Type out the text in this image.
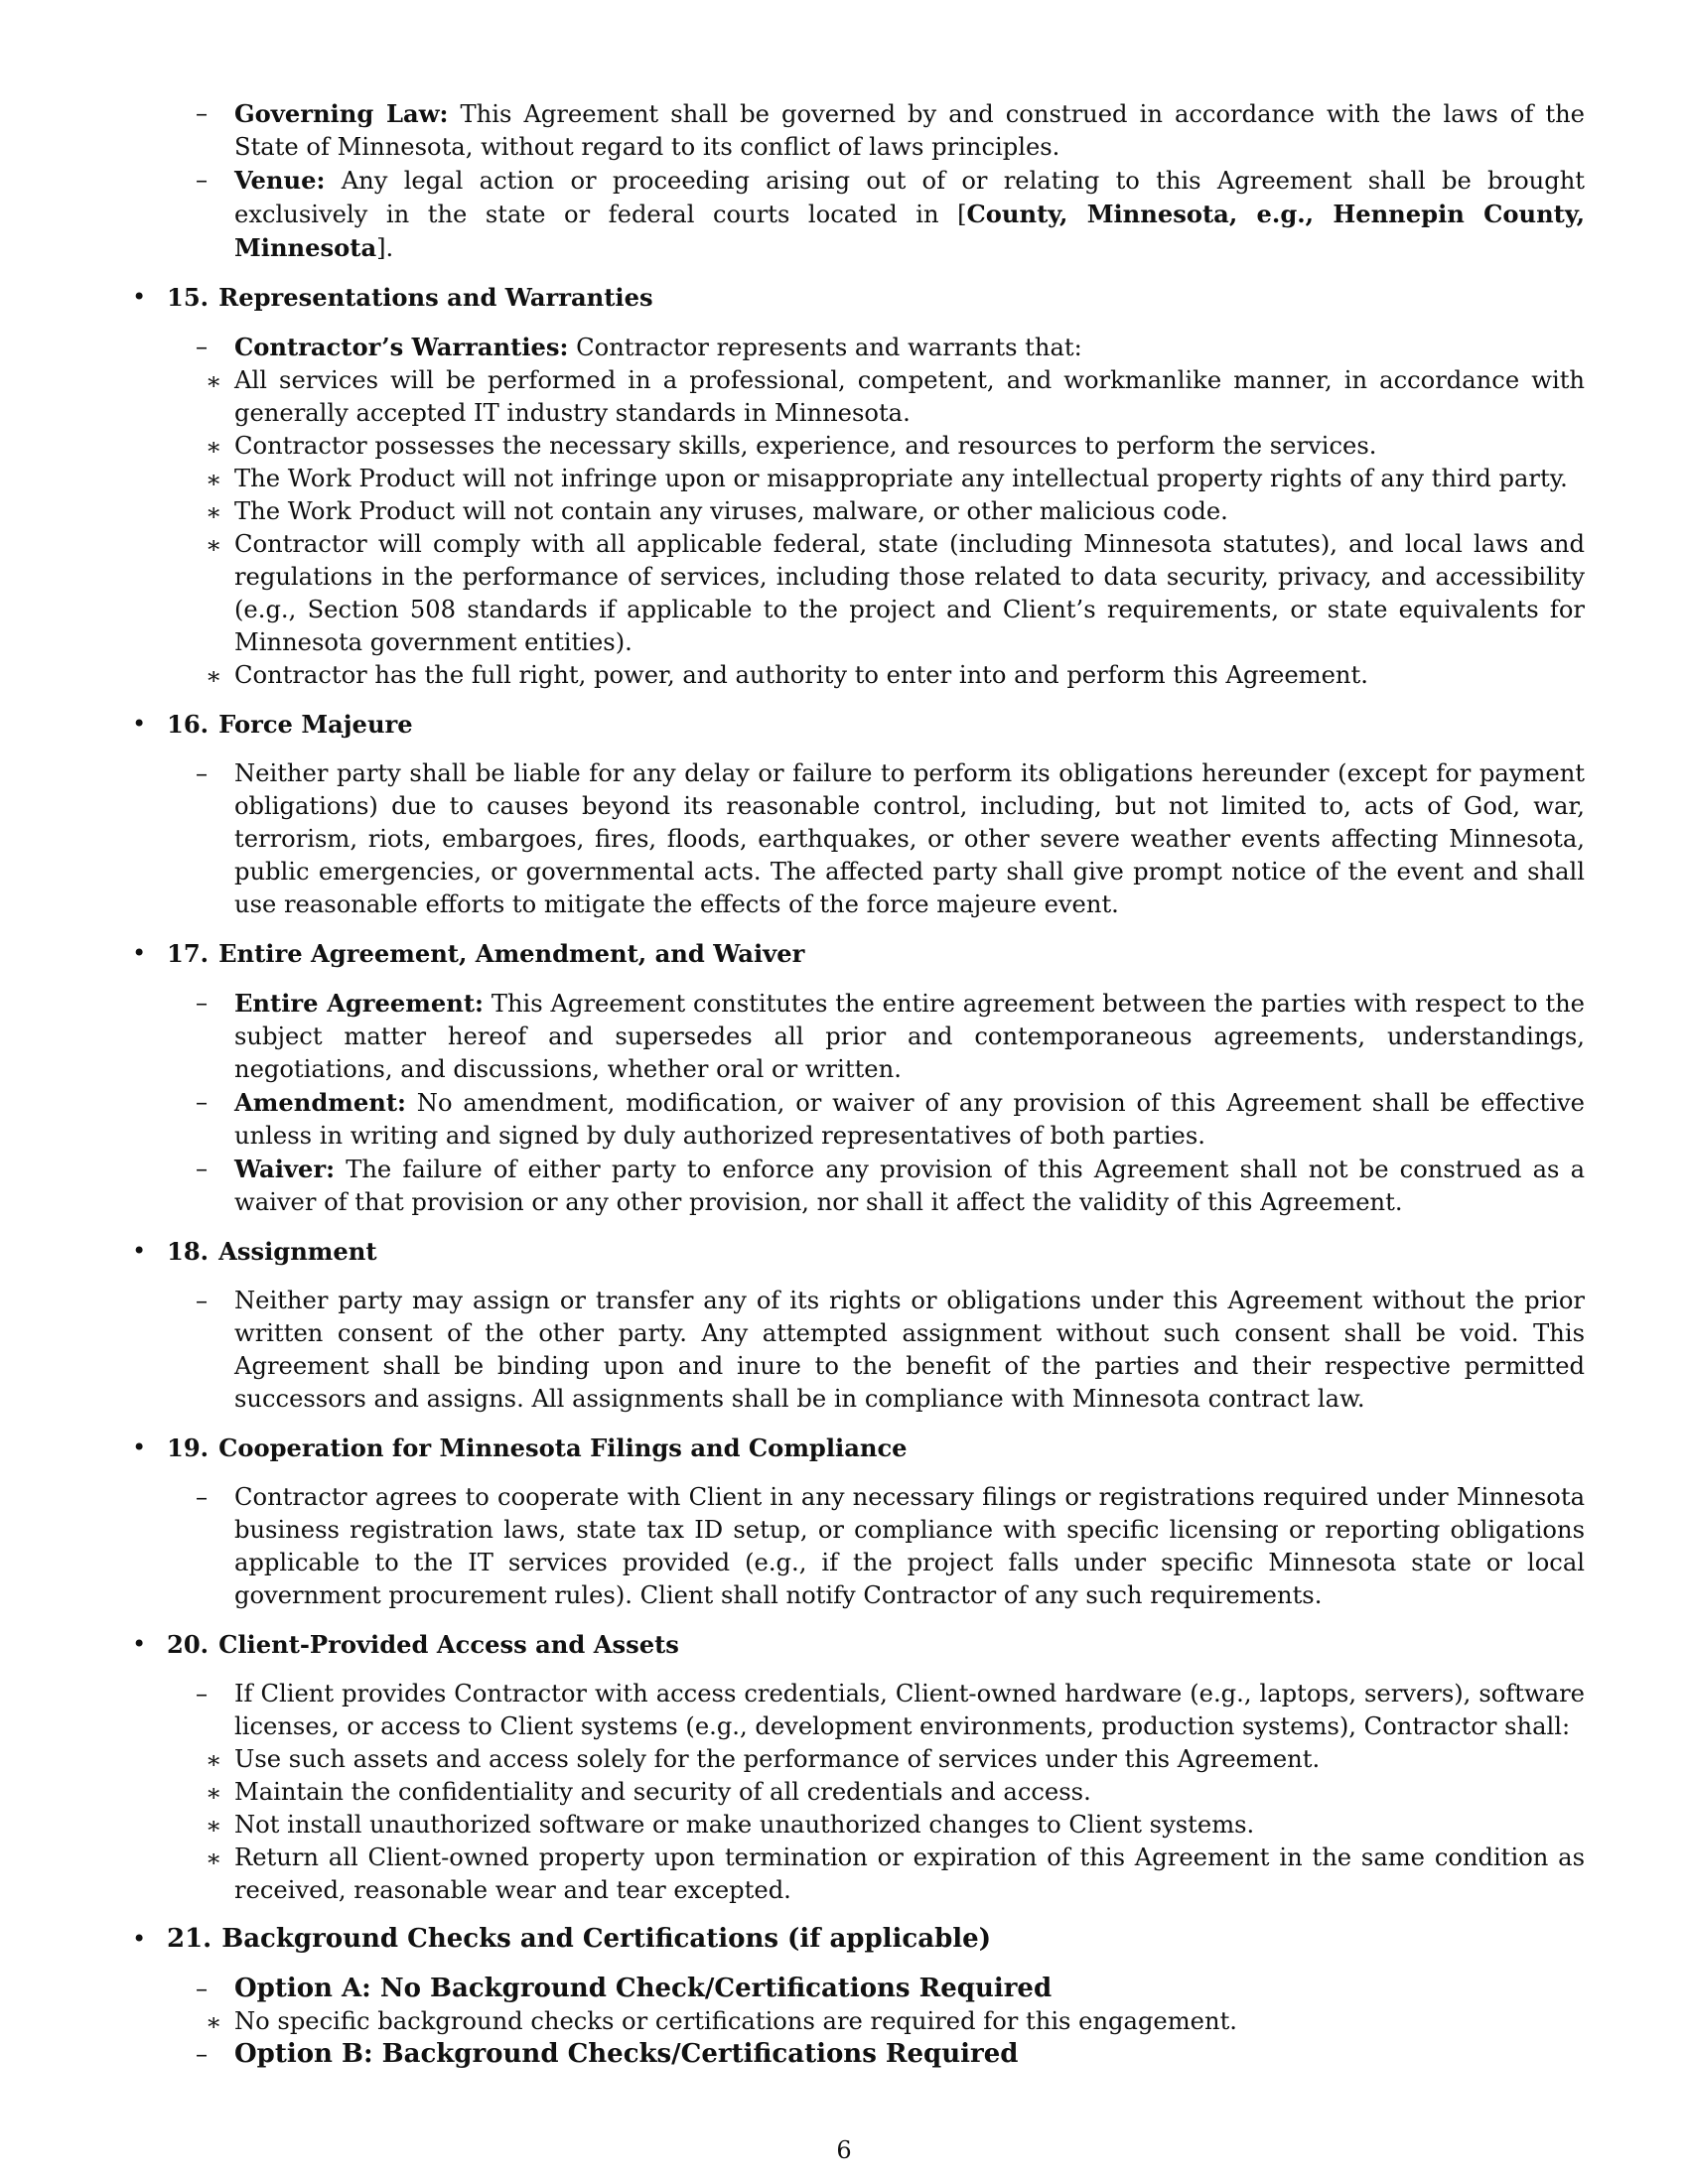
– Governing Law: This Agreement shall be governed by and construed in accordance with the laws of the State of Minnesota, without regard to its conflict of laws principles.
– Venue: Any legal action or proceeding arising out of or relating to this Agreement shall be brought exclusively in the state or federal courts located in [County, Minnesota, e.g., Hennepin County, Minnesota].
• 15. Representations and Warranties
– Contractor’s Warranties: Contractor represents and warrants that:
∗ All services will be performed in a professional, competent, and workmanlike manner, in accordance with generally accepted IT industry standards in Minnesota.
∗ Contractor possesses the necessary skills, experience, and resources to perform the services.
∗ The Work Product will not infringe upon or misappropriate any intellectual property rights of any third party.
∗ The Work Product will not contain any viruses, malware, or other malicious code.
∗ Contractor will comply with all applicable federal, state (including Minnesota statutes), and local laws and regulations in the performance of services, including those related to data security, privacy, and accessibility (e.g., Section 508 standards if applicable to the project and Client’s requirements, or state equivalents for Minnesota government entities).
∗ Contractor has the full right, power, and authority to enter into and perform this Agreement.
• 16. Force Majeure
– Neither party shall be liable for any delay or failure to perform its obligations hereunder (except for payment obligations) due to causes beyond its reasonable control, including, but not limited to, acts of God, war, terrorism, riots, embargoes, fires, floods, earthquakes, or other severe weather events affecting Minnesota, public emergencies, or governmental acts. The affected party shall give prompt notice of the event and shall use reasonable efforts to mitigate the effects of the force majeure event.
• 17. Entire Agreement, Amendment, and Waiver
– Entire Agreement: This Agreement constitutes the entire agreement between the parties with respect to the subject matter hereof and supersedes all prior and contemporaneous agreements, understandings, negotiations, and discussions, whether oral or written.
– Amendment: No amendment, modification, or waiver of any provision of this Agreement shall be effective unless in writing and signed by duly authorized representatives of both parties.
– Waiver: The failure of either party to enforce any provision of this Agreement shall not be construed as a waiver of that provision or any other provision, nor shall it affect the validity of this Agreement.
• 18. Assignment
– Neither party may assign or transfer any of its rights or obligations under this Agreement without the prior written consent of the other party. Any attempted assignment without such consent shall be void. This Agreement shall be binding upon and inure to the benefit of the parties and their respective permitted successors and assigns. All assignments shall be in compliance with Minnesota contract law.
• 19. Cooperation for Minnesota Filings and Compliance
– Contractor agrees to cooperate with Client in any necessary filings or registrations required under Minnesota business registration laws, state tax ID setup, or compliance with specific licensing or reporting obligations applicable to the IT services provided (e.g., if the project falls under specific Minnesota state or local government procurement rules). Client shall notify Contractor of any such requirements.
• 20. Client-Provided Access and Assets
– If Client provides Contractor with access credentials, Client-owned hardware (e.g., laptops, servers), software licenses, or access to Client systems (e.g., development environments, production systems), Contractor shall:
∗ Use such assets and access solely for the performance of services under this Agreement.
∗ Maintain the confidentiality and security of all credentials and access.
∗ Not install unauthorized software or make unauthorized changes to Client systems.
∗ Return all Client-owned property upon termination or expiration of this Agreement in the same condition as received, reasonable wear and tear excepted.
• 21. Background Checks and Certifications (if applicable)
– Option A: No Background Check/Certifications Required
∗ No specific background checks or certifications are required for this engagement.
– Option B: Background Checks/Certifications Required
6
